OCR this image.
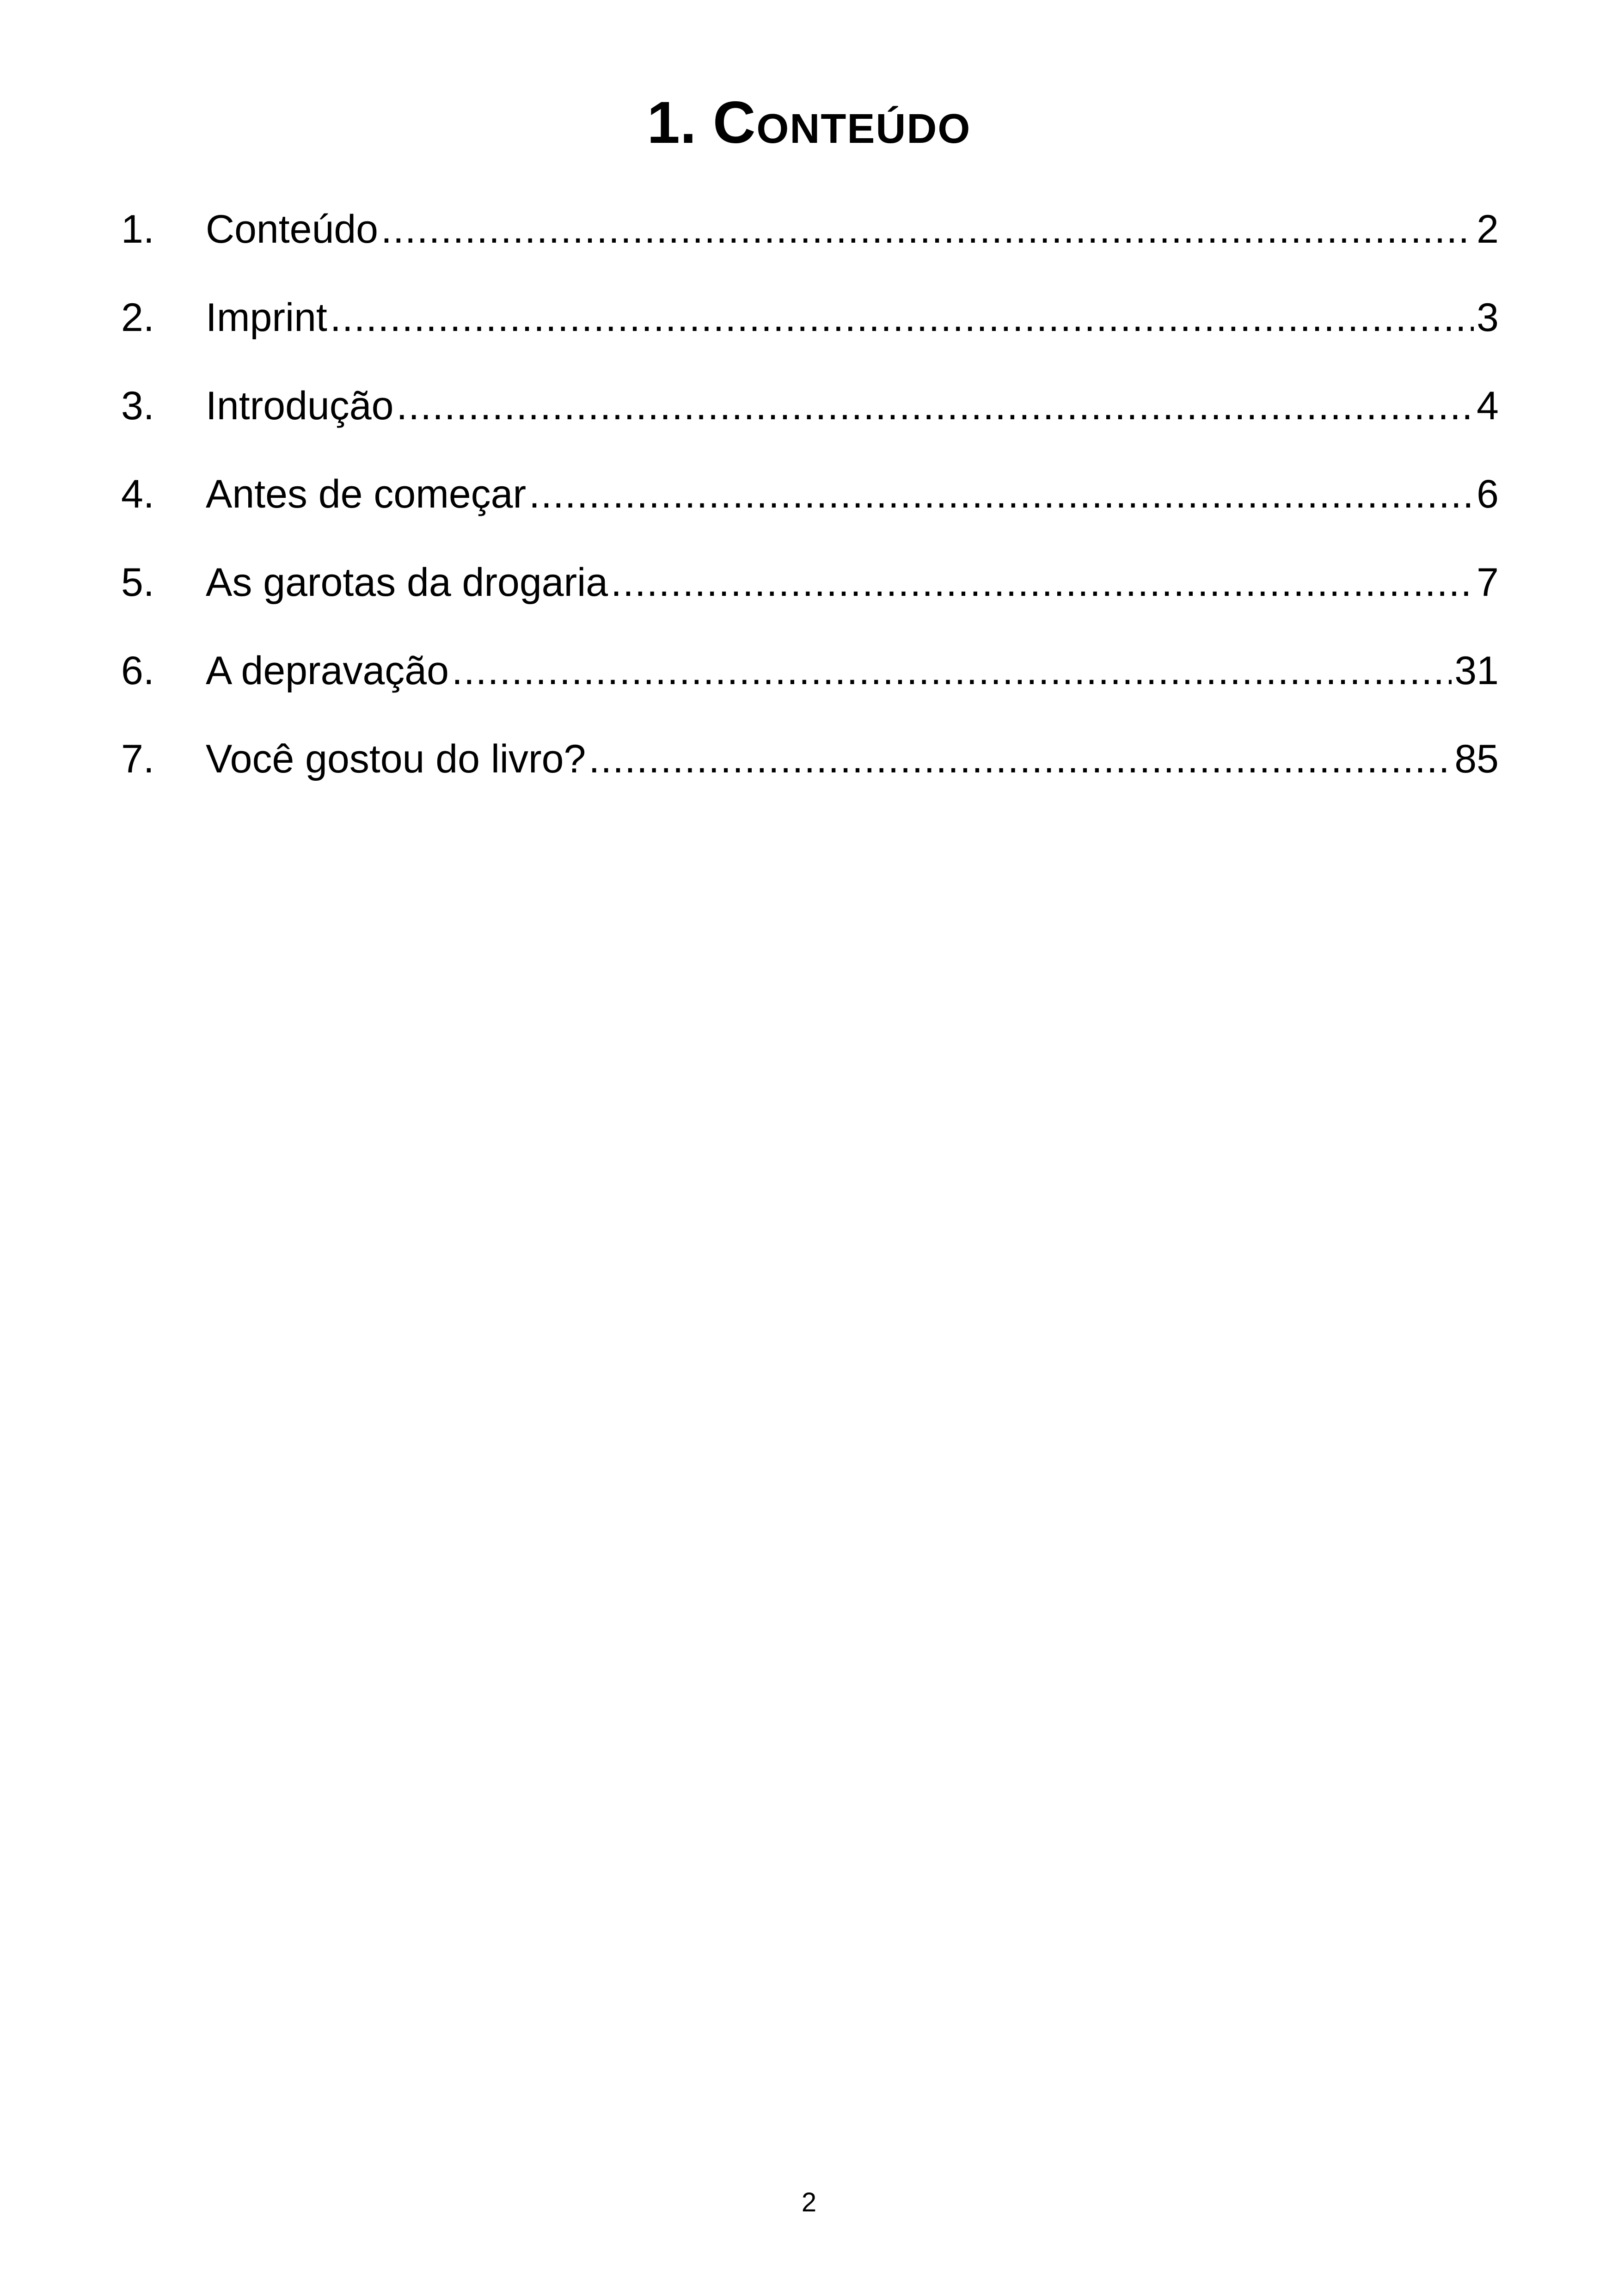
1. Conteúdo
1.	Conteúdo .....	2
2.	Imprint .....	3
3.	Introdução .....	4
4.	Antes de começar .....	6
5.	As garotas da drogaria .....	7
6.	A depravação .....	31
7.	Você gostou do livro? .....	85
2
